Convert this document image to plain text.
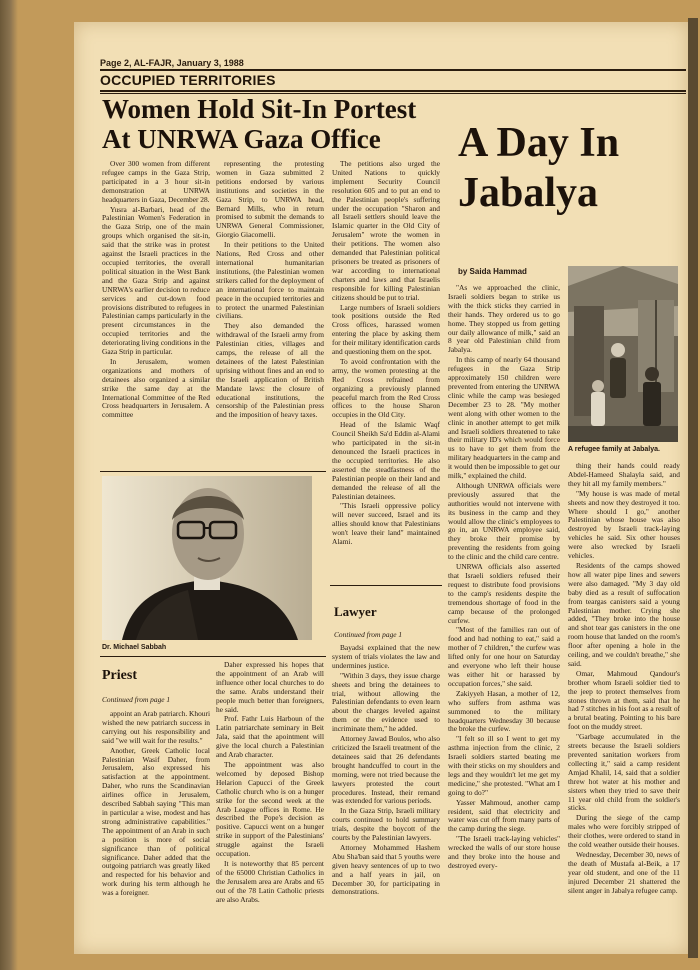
Page 2, AL-FAJR, January 3, 1988
OCCUPIED TERRITORIES
Women Hold Sit-In Portest
At UNRWA Gaza Office

Over 300 women from different refugee camps in the Gaza Strip, participated in a 3 hour sit-in demonstration at UNRWA headquarters in Gaza, December 28.

Yusra al-Barbari, head of the Palestinian Women's Federation in the Gaza Strip, one of the main groups which organised the sit-in, said that the strike was in protest against the Israeli practices in the occupied territories, the overall political situation in the West Bank and the Gaza Strip and against UNRWA's earlier decision to reduce services and cut-down food provisions distributed to refugees in Palestinian camps particularly in the present circumstances in the occupied territories and the deteriorating living conditions in the Gaza Strip in particular.

In Jerusalem, women organizations and mothers of detainees also organized a similar strike the same day at the International Committee of the Red Cross headquarters in Jerusalem. A committee

representing the protesting women in Gaza submitted 2 petitions endorsed by various institutions and societies in the Gaza Strip, to UNRWA head, Bernard Mills, who in return promised to submit the demands to UNRWA General Commissioner, Giorgio Giacomelli.

In their petitions to the United Nations, Red Cross and other international humanitarian institutions, (the Palestinian women strikers called for the deployment of an international force to maintain peace in the occupied territories and to protect the unarmed Palestinian civilians.

They also demanded the withdrawal of the Israeli army from Palestinian cities, villages and camps, the release of all the detainees of the latest Palestinian uprising without fines and an end to the Israeli application of British Mandate laws: the closure of educational institutions, the censorship of the Palestinian press and the imposition of heavy taxes.

The petitions also urged the United Nations to quickly implement Security Council resolution 605 and to put an end to the Palestinian people's suffering under the occupation "Sharon and all Israeli settlers should leave the Islamic quarter in the Old City of Jerusalem" wrote the women in their petitions. The women also demanded that Palestinian political prisoners be treated as prisoners of war according to international charters and laws and that Israelis responsible for killing Palestinian citizens should be put to trial.

Large numbers of Israeli soldiers took positions outside the Red Cross offices, harassed women entering the place by asking them for their military identification cards and questioning them on the spot.

To avoid confrontation with the army, the women protesting at the Red Cross refrained from organizing a previously planned peaceful march from the Red Cross offices to the house Sharon occupies in the Old City.

Head of the Islamic Waqf Council Sheikh Sa'd Eddin al-Alami who participated in the sit-in denounced the Israeli practices in the occupied territories. He also asserted the steadfastness of the Palestinian people on their land and demanded the release of all the Palestinian detainees.

"This Israeli oppressive policy will never succeed, Israel and its allies should know that Palestinians won't leave their land" maintained Alami.

Dr. Michael Sabbah
Priest
Continued from page 1

appoint an Arab patriarch. Khouri wished the new patriarch success in carrying out his responsibility and said "we will wait for the results."

Another, Greek Catholic local Palestinian Wasif Daher, from Jerusalem, also expressed his satisfaction at the appointment. Daher, who runs the Scandinavian airlines office in Jerusalem, described Sabbah saying "This man in particular a wise, modest and has strong administrative capabilities." The appointment of an Arab in such a position is more of social significance than of political significance. Daher added that the outgoing patriarch was greatly liked and respected for his behavior and work during his term although he was a foreigner.

Daher expressed his hopes that the appointment of an Arab will influence other local churches to do the same. Arabs understand their people much better than foreigners, he said.

Prof. Fathr Luis Harboun of the Latin patriarchate seminary in Beit Jala, said that the apointment will give the local church a Palestinian and Arab character.

The appointment was also welcomed by deposed Bishop Helarion Capucci of the Greek Catholic church who is on a hunger strike for the second week at the Arab League offices in Rome. He described the Pope's decision as positive. Capucci went on a hunger strike in support of the Palestinians' struggle against the Israeli occupation.

It is noteworthy that 85 percent of the 65000 Christian Catholics in the Jerusalem area are Arabs and 65 out of the 78 Latin Catholic priests are also Arabs.

Lawyer
Continued from page 1

Bayadsi explained that the new system of trials violates the law and undermines justice.

"Within 3 days, they issue charge sheets and bring the detainees to trial, without allowing the Palestinian defendants to even learn about the charges leveled against them or the evidence used to incriminate them," he added.

Attorney Jawad Boulos, who also criticized the Israeli treatment of the detainees said that 26 defendants brought handcuffed to court in the morning, were not tried because the lawyers protested the court procedures. Instead, their remand was extended for various periods.

In the Gaza Strip, Israeli military courts continued to hold summary trials, despite the boycott of the courts by the Palestinian lawyers.

Attorney Mohammed Hashem Abu Sha'ban said that 5 youths were given heavy sentences of up to two and a half years in jail, on December 30, for participating in demonstrations.

A Day In
Jabalya
by Saida Hammad

"As we approached the clinic, Israeli soldiers began to strike us with the thick sticks they carried in their hands. They ordered us to go home. They stopped us from getting our daily allowance of milk," said an 8 year old Palestinian child from Jabalya.

In this camp of nearly 64 thousand refugees in the Gaza Strip approximately 150 children were prevented from entering the UNRWA clinic while the camp was besieged December 23 to 28. "My mother went along with other women to the clinic in another attempt to get milk and Israeli soldiers threatened to take their military ID's which would force us to have to get them from the military headquarters in the camp and it would then be impossible to get our milk," explained the child.

Although UNRWA officials were previously assured that the authorities would not intervene with its business in the camp and they would allow the clinic's employees to go in, an UNRWA employee said, they broke their promise by preventing the residents from going to the clinic and the child care centre.

UNRWA officials also asserted that Israeli soldiers refused their request to distribute food provisions to the camp's residents despite the tremendous shortage of food in the camp because of the prolonged curfew.

"Most of the families ran out of food and had nothing to eat," said a mother of 7 children," the curfew was lifted only for one hour on Saturday and everyone who left their house was either hit or harassed by occupation forces," she said.

Zakiyyeh Hasan, a mother of 12, who suffers from asthma was summoned to the military headquarters Wednesday 30 because the broke the curfew.

"I felt so ill so I went to get my asthma injection from the clinic, 2 Israeli soldiers started beating me with their sticks on my shoulders and legs and they wouldn't let me get my medicine," she protested. "What am I going to do?"

Yasser Mahmoud, another camp resident, said that electricity and water was cut off from many parts of the camp during the siege.

"The Israeli track-laying vehicles" wrecked the walls of our store house and they broke into the house and destroyed every-

A refugee family at Jabalya.

thing their hands could ready Abdel-Hameed Shalayla said, and they hit all my family members."

"My house is was made of metal sheets and now they destroyed it too. Where should I go," another Palestinian whose house was also destroyed by Israeli track-laying vehicles he said. Six other houses were also wrecked by Israeli vehicles.

Residents of the camps showed how all water pipe lines and sewers were also damaged. "My 3 day old baby died as a result of suffocation from teargas canisters said a young Palestinian mother. Crying she added, "They broke into the house and shot tear gas canisters in the one room house that landed on the room's floor after opening a hole in the ceiling, and we couldn't breathe," she said.

Omar, Mahmoud Qandour's brother whom Israeli soldier tied to the jeep to protect themselves from stones thrown at them, said that he had 7 stitches in his foot as a result of a brutal beating. Pointing to his bare foot on the muddy street.

"Garbage accumulated in the streets because the Israeli soldiers prevented sanitation workers from collecting it," said a camp resident Amjad Khalil, 14, said that a soldier threw hot water at his mother and sisters when they tried to save their 11 year old child from the soldier's sticks.

During the siege of the camp males who were forcibly stripped of their clothes, were ordered to stand in the cold weather outside their houses.

Wednesday, December 30, news of the death of Mustafa al-Beik, a 17 year old student, and one of the 11 injured December 21 shattered the silent anger in Jabalya refugee camp.
